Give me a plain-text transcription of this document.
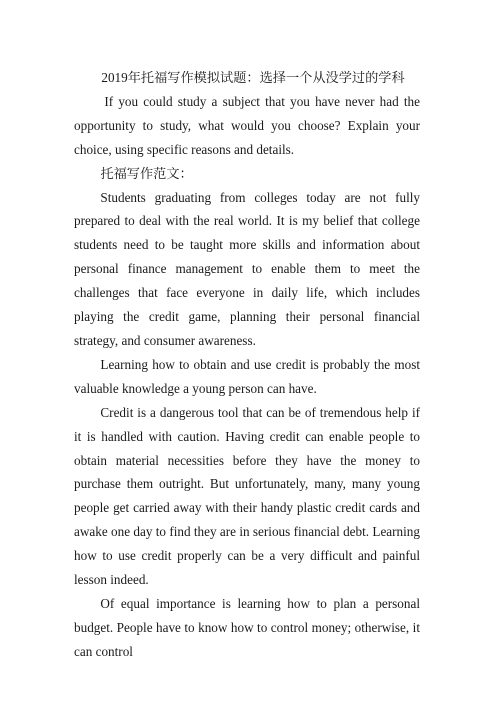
2019年托福写作模拟试题：选择一个从没学过的学科

If you could study a subject that you have never had the opportunity to study, what would you choose? Explain your choice, using specific reasons and details.

托福写作范文：

Students graduating from colleges today are not fully prepared to deal with the real world. It is my belief that college students need to be taught more skills and information about personal finance management to enable them to meet the challenges that face everyone in daily life, which includes playing the credit game, planning their personal financial strategy, and consumer awareness.

Learning how to obtain and use credit is probably the most valuable knowledge a young person can have.

Credit is a dangerous tool that can be of tremendous help if it is handled with caution. Having credit can enable people to obtain material necessities before they have the money to purchase them outright. But unfortunately, many, many young people get carried away with their handy plastic credit cards and awake one day to find they are in serious financial debt. Learning how to use credit properly can be a very difficult and painful lesson indeed.

Of equal importance is learning how to plan a personal budget. People have to know how to control money; otherwise, it can control
